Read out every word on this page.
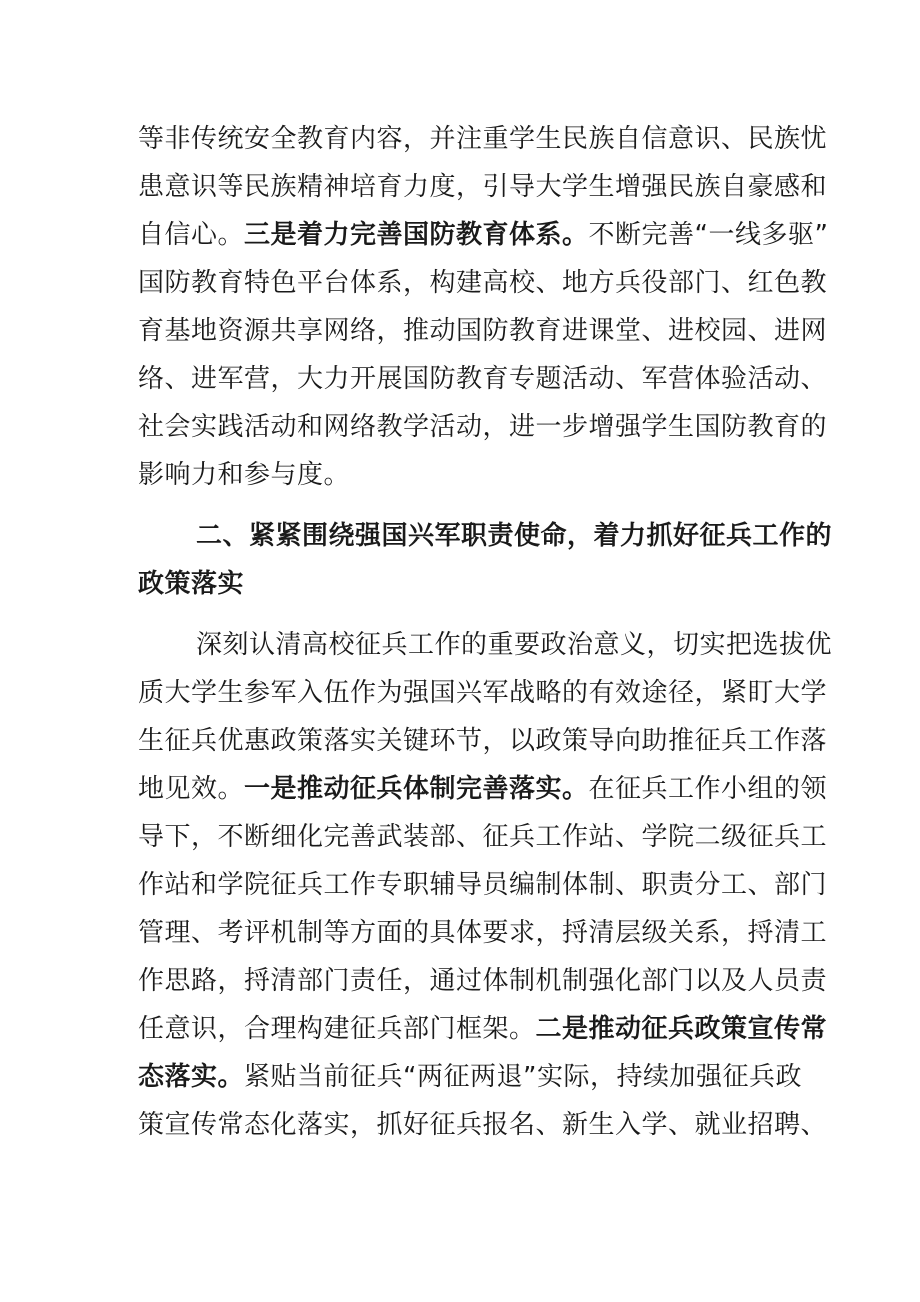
等非传统安全教育内容，并注重学生民族自信意识、民族忧
患意识等民族精神培育力度，引导大学生增强民族自豪感和
自信心。三是着力完善国防教育体系。不断完善“一线多驱”
国防教育特色平台体系，构建高校、地方兵役部门、红色教
育基地资源共享网络，推动国防教育进课堂、进校园、进网
络、进军营，大力开展国防教育专题活动、军营体验活动、
社会实践活动和网络教学活动，进一步增强学生国防教育的
影响力和参与度。
二、紧紧围绕强国兴军职责使命，着力抓好征兵工作的
政策落实
深刻认清高校征兵工作的重要政治意义，切实把选拔优
质大学生参军入伍作为强国兴军战略的有效途径，紧盯大学
生征兵优惠政策落实关键环节，以政策导向助推征兵工作落
地见效。一是推动征兵体制完善落实。在征兵工作小组的领
导下，不断细化完善武装部、征兵工作站、学院二级征兵工
作站和学院征兵工作专职辅导员编制体制、职责分工、部门
管理、考评机制等方面的具体要求，捋清层级关系，捋清工
作思路，捋清部门责任，通过体制机制强化部门以及人员责
任意识，合理构建征兵部门框架。二是推动征兵政策宣传常
态落实。紧贴当前征兵“两征两退”实际，持续加强征兵政
策宣传常态化落实，抓好征兵报名、新生入学、就业招聘、
